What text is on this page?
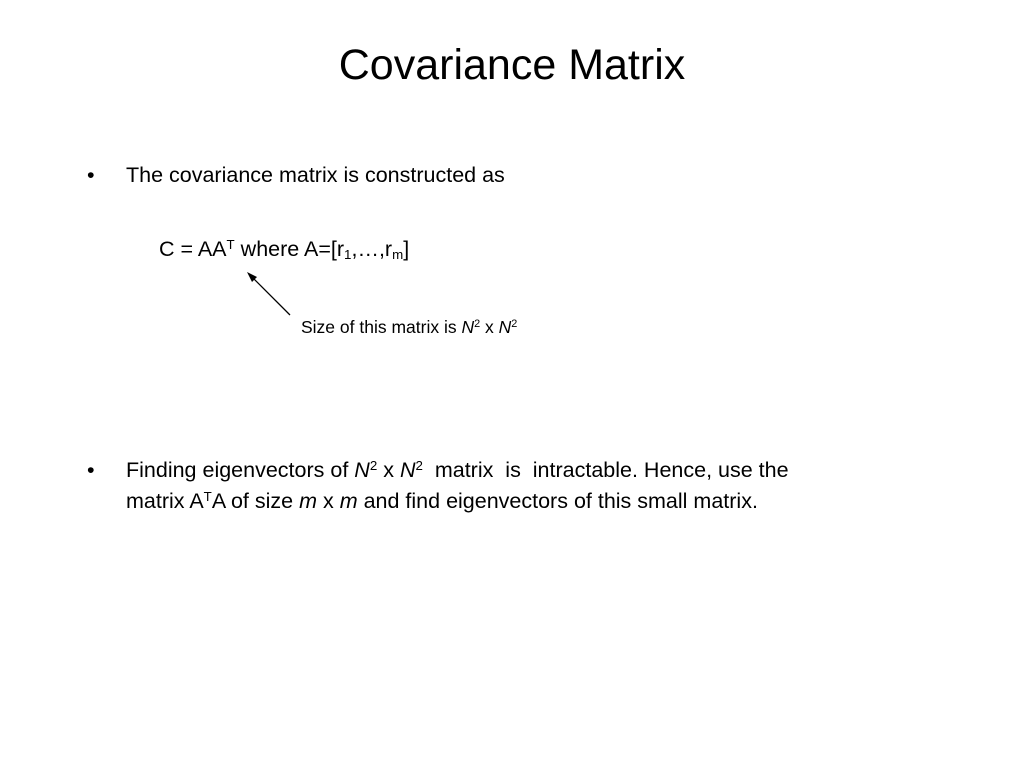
Covariance Matrix
• The covariance matrix is constructed as
$C = AA^T$ where $A=[r_1,\dots,r_m]$
Size of this matrix is $N^2$ x $N^2$
• Finding eigenvectors of $N^2$ x $N^2$  matrix  is  intractable. Hence, use the
matrix $A^TA$ of size m x m and find eigenvectors of this small matrix.
